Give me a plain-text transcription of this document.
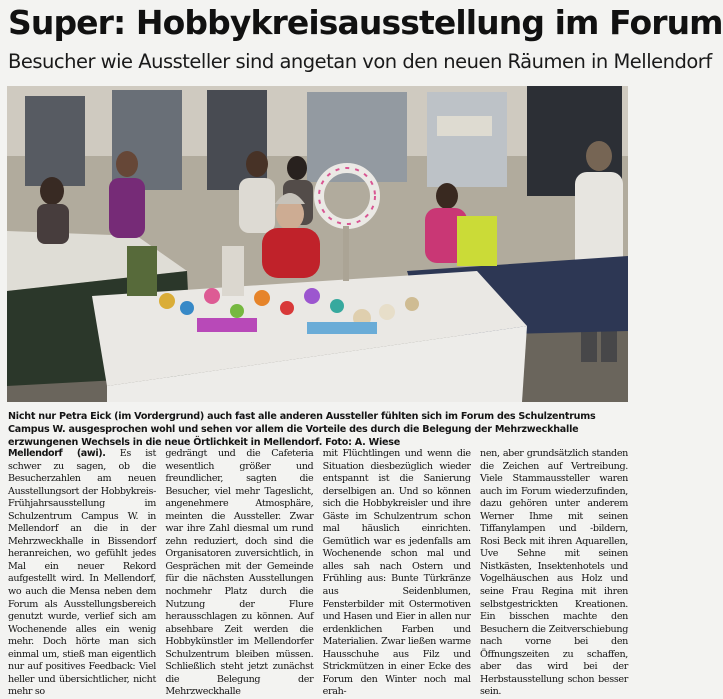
Super: Hobbykreisausstellung im Forum
Besucher wie Aussteller sind angetan von den neuen Räumen in Mellendorf
Nicht nur Petra Eick (im Vordergrund) auch fast alle anderen Aussteller fühlten sich im Forum des Schulzentrums Campus W. ausgesprochen wohl und sehen vor allem die Vorteile des durch die Belegung der Mehrzweckhalle erzwungenen Wechsels in die neue Örtlichkeit in Mellendorf. Foto: A. Wiese

Mellendorf (awi). Es ist schwer zu sagen, ob die Besucherzahlen am neuen Ausstellungsort der Hobbykreis-Frühjahrsausstellung im Schulzentrum Campus W. in Mellendorf an die in der Mehrzweckhalle in Bissendorf heranreichen, wo gefühlt jedes Mal ein neuer Rekord aufgestellt wird. In Mellendorf, wo auch die Mensa neben dem Forum als Ausstellungsbereich genutzt wurde, verlief sich am Wochenende alles ein wenig mehr. Doch hörte man sich einmal um, stieß man eigentlich nur auf positives Feedback: Viel heller und übersichtlicher, nicht mehr so

gedrängt und die Cafeteria wesentlich größer und freundlicher, sagten die Besucher, viel mehr Tageslicht, angenehmere Atmosphäre, meinten die Aussteller. Zwar war ihre Zahl diesmal um rund zehn reduziert, doch sind die Organisatoren zuversichtlich, in Gesprächen mit der Gemeinde für die nächsten Ausstellungen nochmehr Platz durch die Nutzung der Flure herausschlagen zu können. Auf absehbare Zeit werden die Hobbykünstler im Mellendorfer Schulzentrum bleiben müssen. Schließlich steht jetzt zunächst die Belegung der Mehrzweckhalle

mit Flüchtlingen und wenn die Situation diesbezüglich wieder entspannt ist die Sanierung derselbigen an. Und so können sich die Hobbykreisler und ihre Gäste im Schulzentrum schon mal häuslich einrichten. Gemütlich war es jedenfalls am Wochenende schon mal und alles sah nach Ostern und Frühling aus: Bunte Türkränze aus Seidenblumen, Fensterbilder mit Ostermotiven und Hasen und Eier in allen nur erdenklichen Farben und Materialien. Zwar ließen warme Hausschuhe aus Filz und Strickmützen in einer Ecke des Forum den Winter noch mal erah-

nen, aber grundsätzlich standen die Zeichen auf Vertreibung. Viele Stammaussteller waren auch im Forum wiederzufinden, dazu gehören unter anderem Werner Ihme mit seinen Tiffanylampen und -bildern, Rosi Beck mit ihren Aquarellen, Uve Sehne mit seinen Nistkästen, Insektenhotels und Vogelhäuschen aus Holz und seine Frau Regina mit ihren selbstgestrickten Kreationen. Ein bisschen machte den Besuchern die Zeitverschiebung nach vorne bei den Öffnungszeiten zu schaffen, aber das wird bei der Herbstausstellung schon besser sein.
